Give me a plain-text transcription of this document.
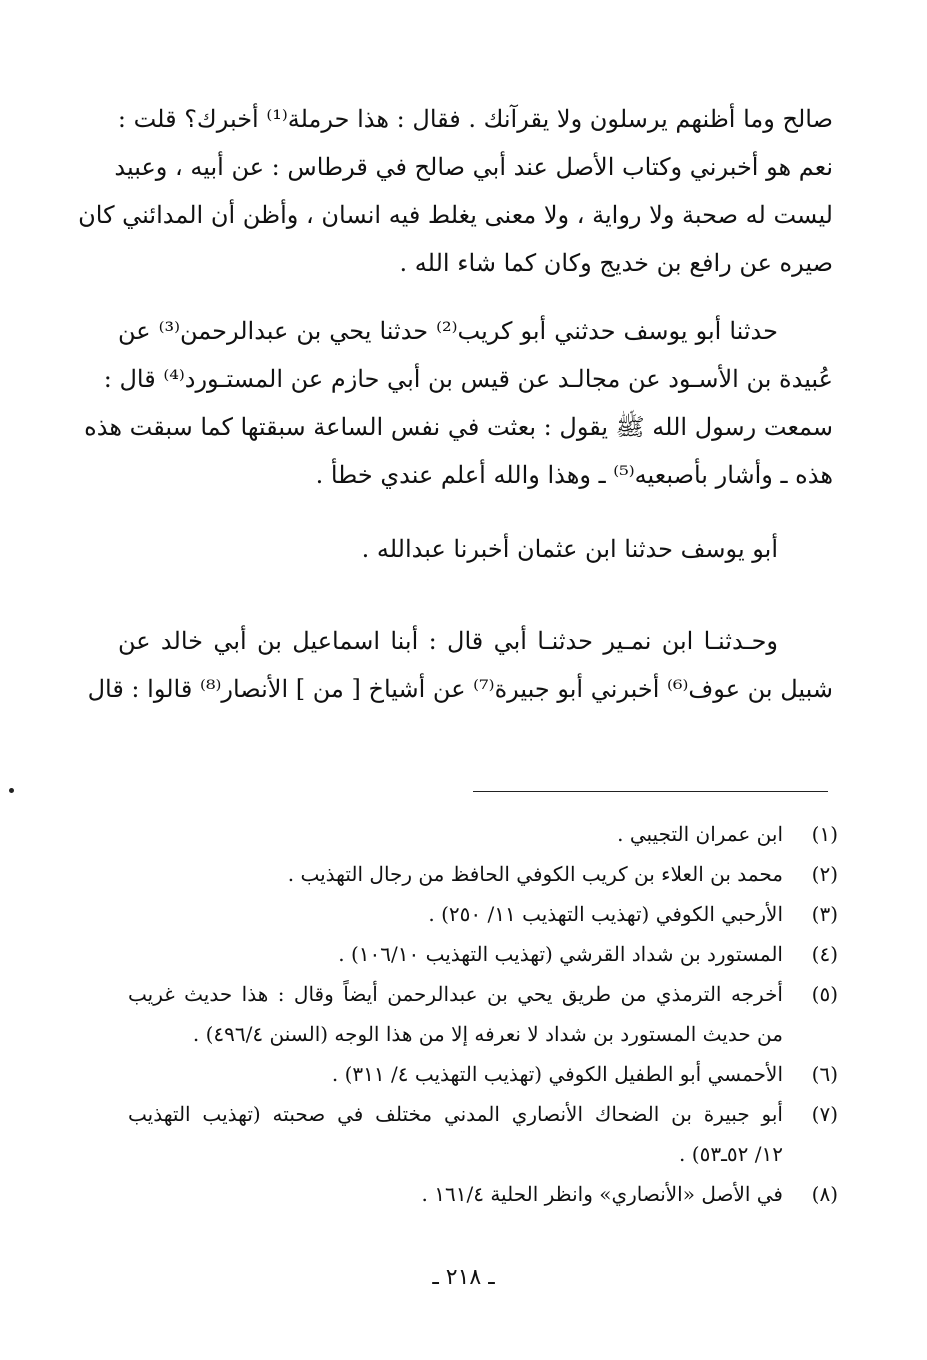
صالح وما أظنهم يرسلون ولا يقرآنك . فقال : هذا حرملة⁽¹⁾ أخبرك؟ قلت :
نعم هو أخبرني وكتاب الأصل عند أبي صالح في قرطاس : عن أبيه ، وعبيد
ليست له صحبة ولا رواية ، ولا معنى يغلط فيه انسان ، وأظن أن المدائني كان
صيره عن رافع بن خديج وكان كما شاء الله .
حدثنا أبو يوسف حدثني أبو كريب⁽²⁾ حدثنا يحي بن عبدالرحمن⁽³⁾ عن
عُبيدة بن الأسـود عن مجالـد عن قيس بن أبي حازم عن المستـورد⁽⁴⁾ قال :
سمعت رسول الله ﷺ يقول : بعثت في نفس الساعة سبقتها كما سبقت هذه
هذه ـ وأشار بأصبعيه⁽⁵⁾ ـ وهذا والله أعلم عندي خطأ .
أبو يوسف حدثنا ابن عثمان أخبرنا عبدالله .
وحـدثنـا ابن نمـير حدثنـا أبي قال : أبنا اسماعيل بن أبي خالد عن
شبيل بن عوف⁽⁶⁾ أخبرني أبو جبيرة⁽⁷⁾ عن أشياخ [ من ] الأنصار⁽⁸⁾ قالوا : قال
(١)
ابن عمران التجيبي .
(٢)
محمد بن العلاء بن كريب الكوفي الحافظ من رجال التهذيب .
(٣)
الأرحبي الكوفي (تهذيب التهذيب ١١/ ٢٥٠) .
(٤)
المستورد بن شداد القرشي (تهذيب التهذيب ١٠٦/١٠) .
(٥)
أخرجه الترمذي من طريق يحي بن عبدالرحمن أيضاً وقال : هذا حديث غريب
من حديث المستورد بن شداد لا نعرفه إلا من هذا الوجه (السنن ٤٩٦/٤) .
(٦)
الأحمسي أبو الطفيل الكوفي (تهذيب التهذيب ٤/ ٣١١) .
(٧)
أبو جبيرة بن الضحاك الأنصاري المدني مختلف في صحبته (تهذيب التهذيب
١٢/ ٥٢ـ٥٣) .
(٨)
في الأصل «الأنصاري» وانظر الحلية ١٦١/٤ .
ـ ٢١٨ ـ
